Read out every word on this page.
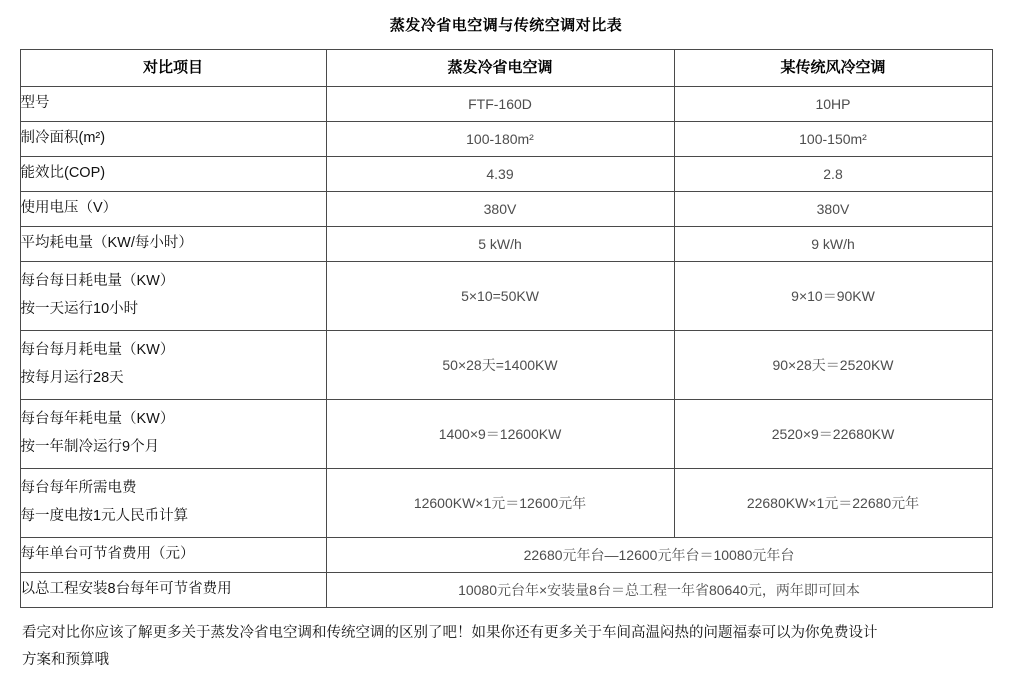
蒸发冷省电空调与传统空调对比表
对比项目	蒸发冷省电空调	某传统风冷空调
型号	FTF-160D	10HP
制冷面积(m²)	100-180m²	100-150m²
能效比(COP)	4.39	2.8
使用电压（V）	380V	380V
平均耗电量（KW/每小时）	5 kW/h	9 kW/h

每台每日耗电量（KW）
按一天运行10小时	5×10=50KW	9×10＝90KW

每台每月耗电量（KW）
按每月运行28天	50×28天=1400KW	90×28天＝2520KW

每台每年耗电量（KW）
按一年制冷运行9个月	1400×9＝12600KW	2520×9＝22680KW

每台每年所需电费
每一度电按1元人民币计算	12600KW×1元＝12600元年	22680KW×1元＝22680元年
每年单台可节省费用（元）	22680元年台—12600元年台＝10080元年台	
以总工程安装8台每年可节省费用	10080元台年×安装量8台＝总工程一年省80640元，两年即可回本	
看完对比你应该了解更多关于蒸发冷省电空调和传统空调的区别了吧！如果你还有更多关于车间高温闷热的问题福泰可以为你免费设计
方案和预算哦
